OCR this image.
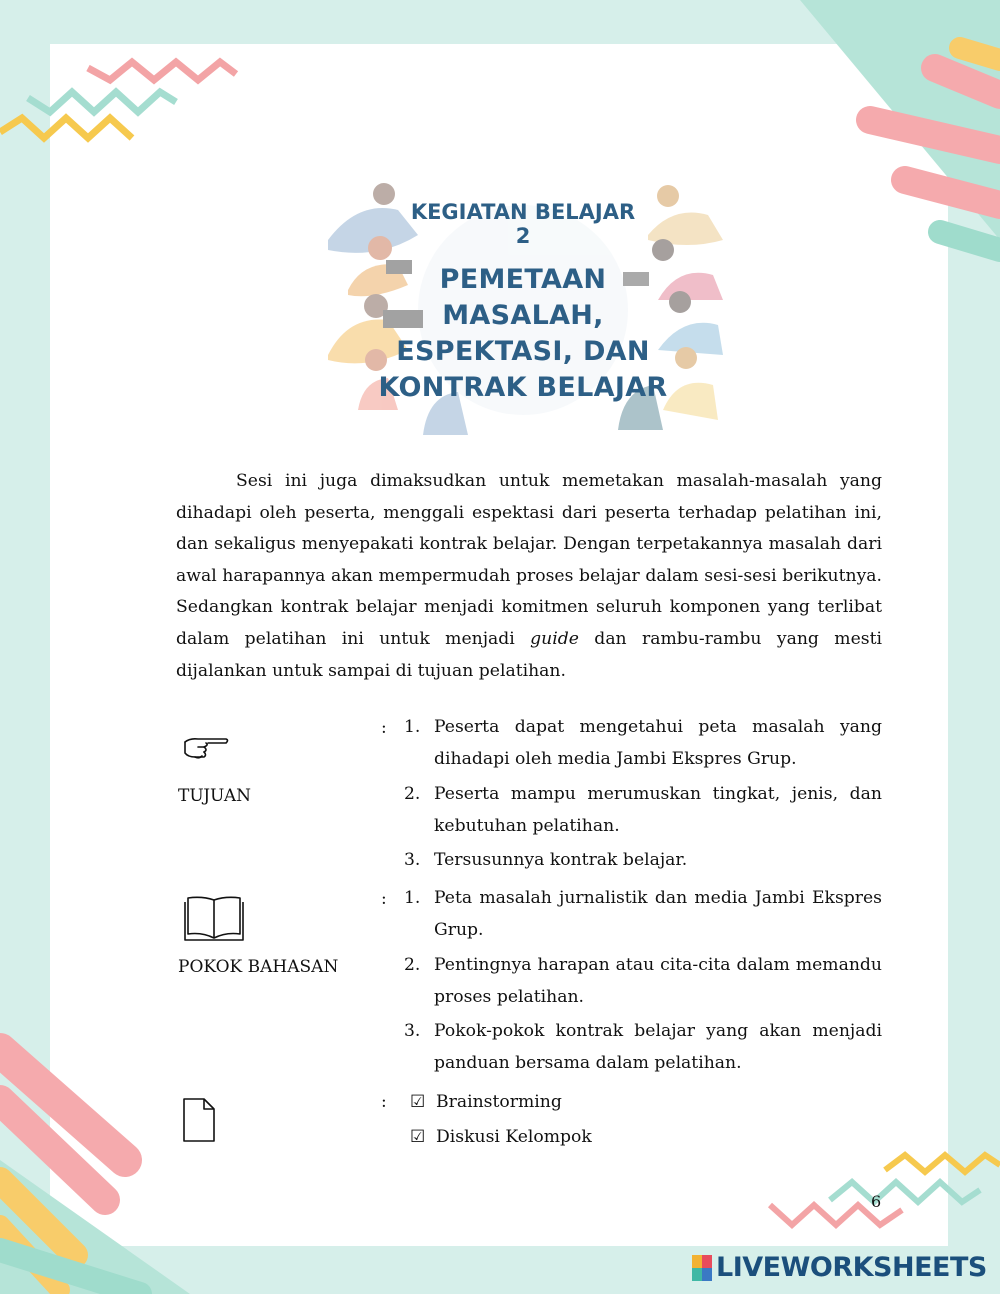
KEGIATAN BELAJAR
2
PEMETAAN
MASALAH,
ESPEKTASI, DAN
KONTRAK BELAJAR

Sesi ini juga dimaksudkan untuk memetakan masalah-masalah yang dihadapi oleh peserta, menggali espektasi dari peserta terhadap pelatihan ini, dan sekaligus menyepakati kontrak belajar. Dengan terpetakannya masalah dari awal harapannya akan mempermudah proses belajar dalam sesi-sesi berikutnya. Sedangkan kontrak belajar menjadi komitmen seluruh komponen yang terlibat dalam pelatihan ini untuk menjadi guide dan rambu-rambu yang mesti dijalankan untuk sampai di tujuan pelatihan.

TUJUAN
: 1. Peserta dapat mengetahui peta masalah yang dihadapi oleh media Jambi Ekspres Grup.
2. Peserta mampu merumuskan tingkat, jenis, dan kebutuhan pelatihan.
3. Tersusunnya kontrak belajar.
POKOK BAHASAN
: 1. Peta masalah jurnalistik dan media Jambi Ekspres Grup.
2. Pentingnya harapan atau cita-cita dalam memandu proses pelatihan.
3. Pokok-pokok kontrak belajar yang akan menjadi panduan bersama dalam pelatihan.
: ☑ Brainstorming
☑ Diskusi Kelompok
6
LIVEWORKSHEETS
